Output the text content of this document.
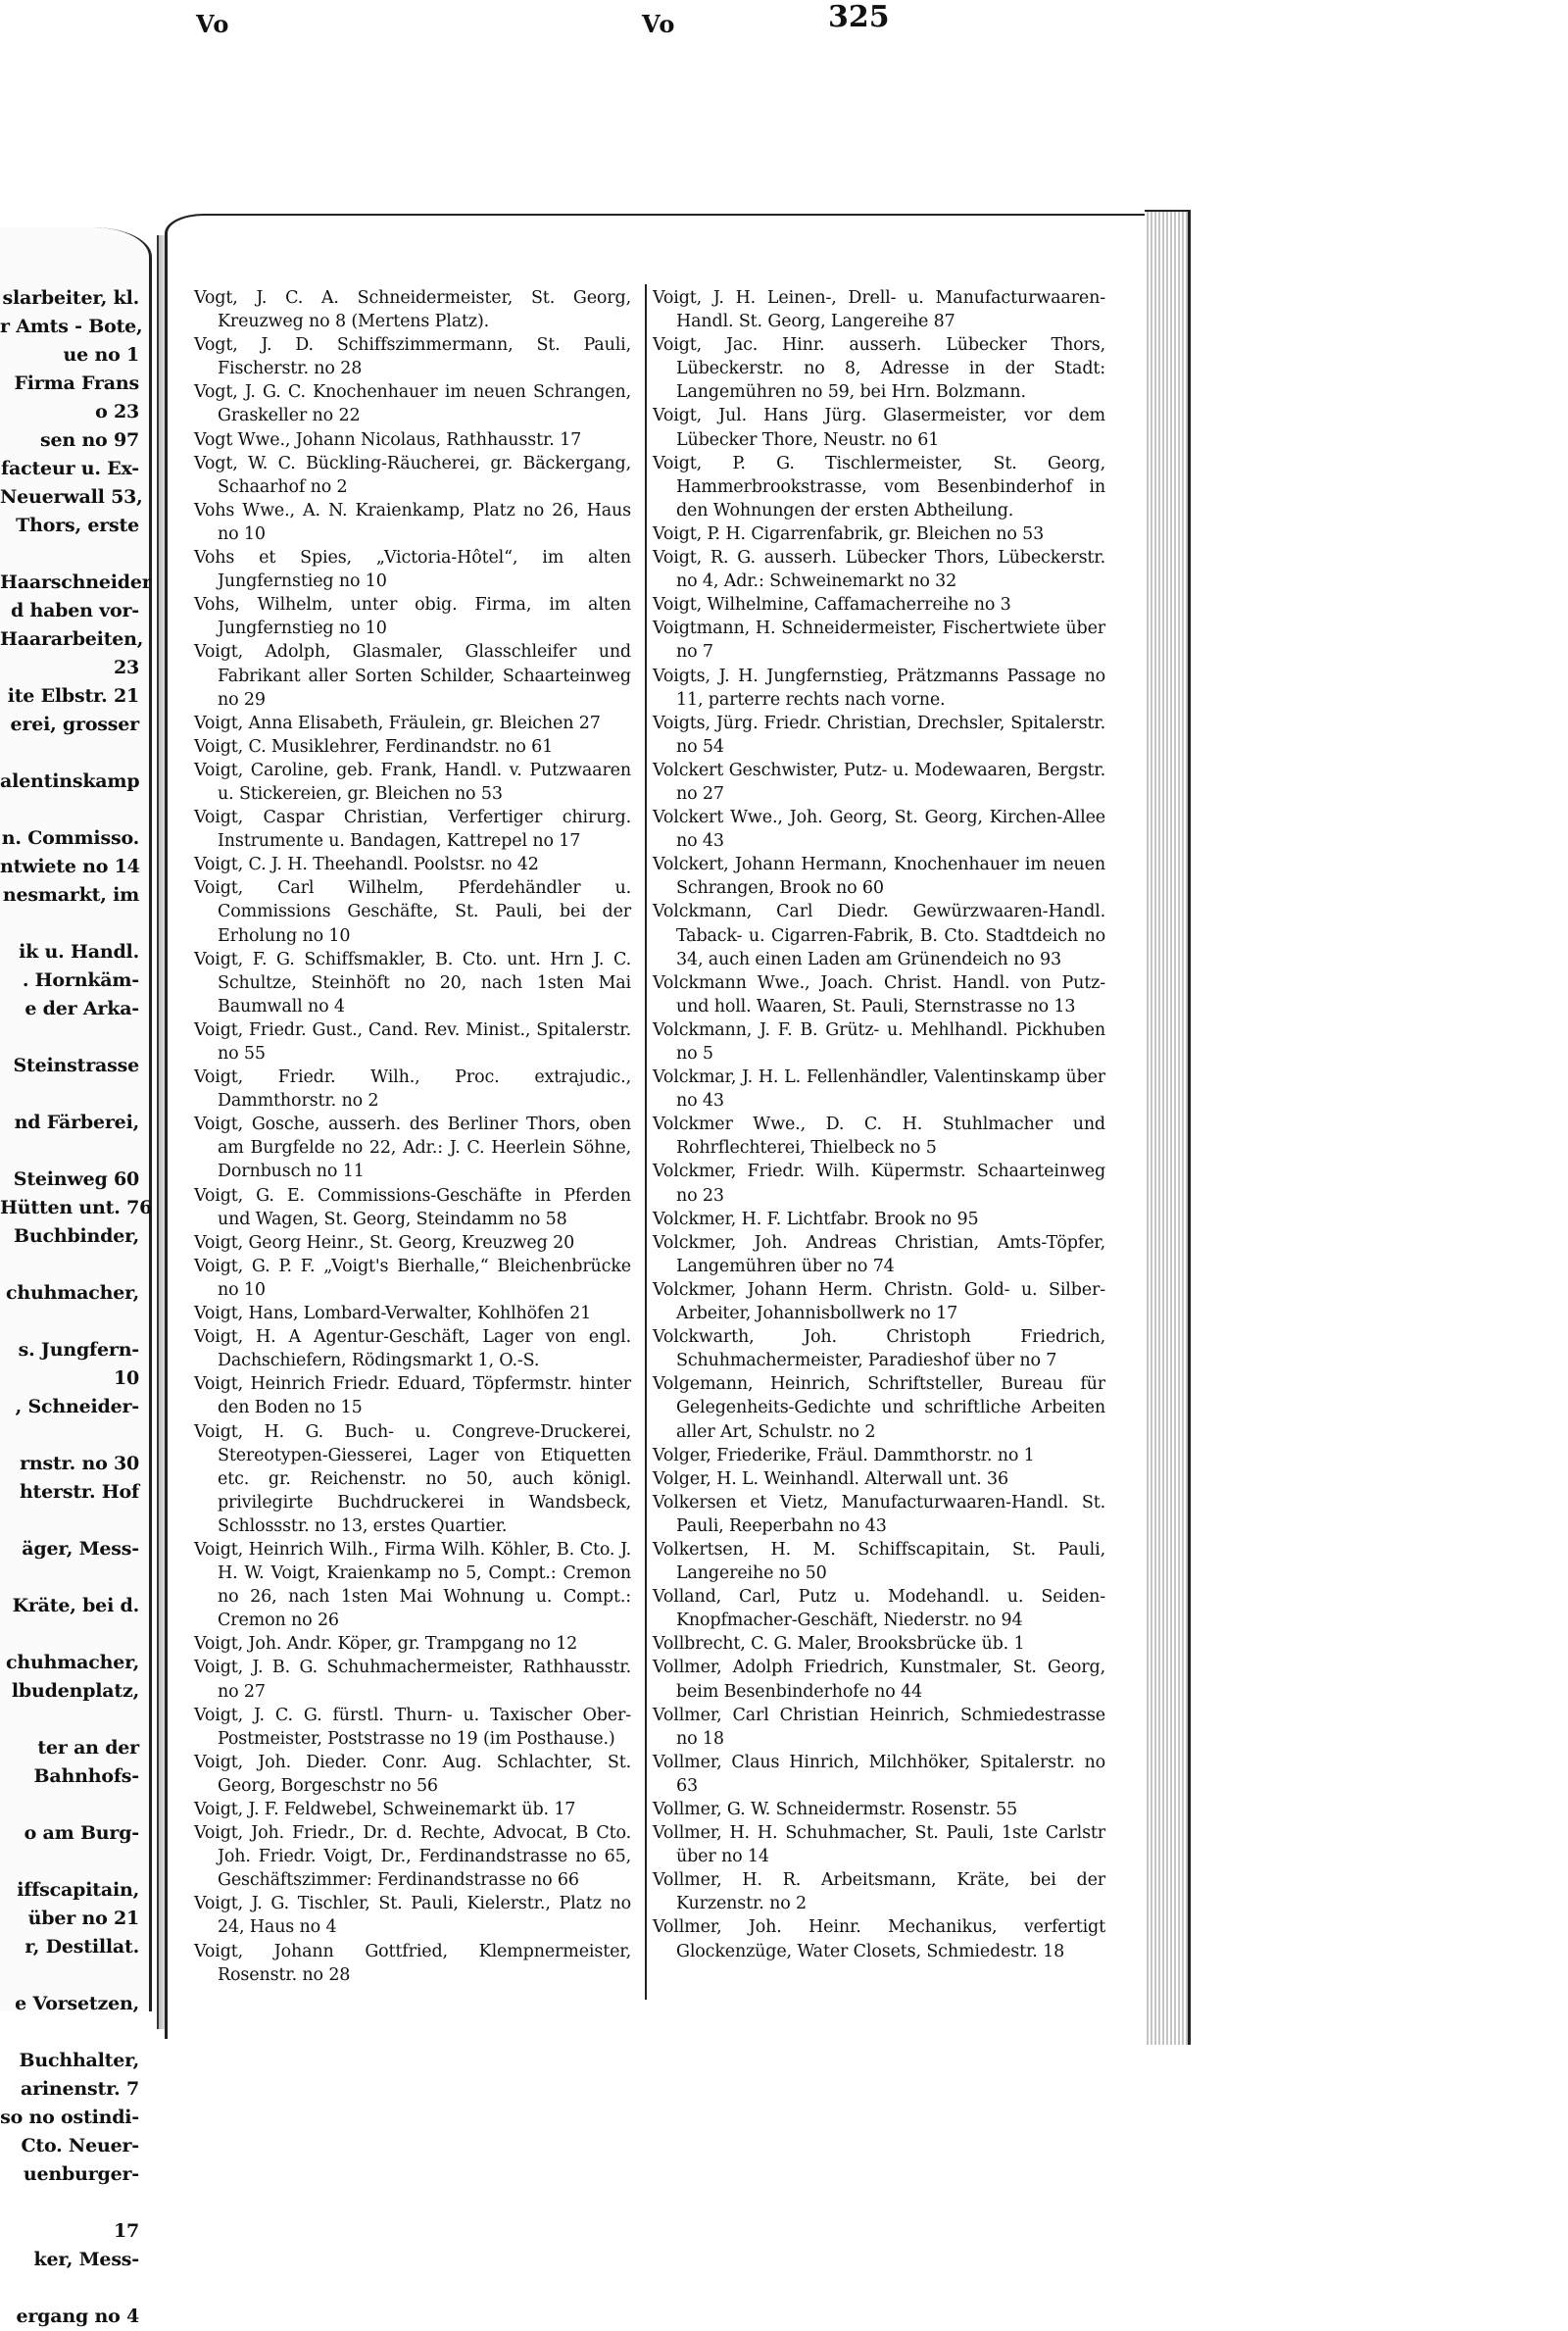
slarbeiter, kl.
r Amts - Bote,
ue no 1
Firma Frans
o 23
sen no 97
facteur u. Ex-
Neuerwall 53,
Thors, erste

Haarschneider
d haben vor-
Haararbeiten,
23
ite Elbstr. 21
erei, grosser

alentinskamp

n. Commisso.
ntwiete no 14
nesmarkt, im

ik u. Handl.
. Hornkäm-
e der Arka-

Steinstrasse

nd Färberei,

Steinweg 60
Hütten unt. 76
Buchbinder,

chuhmacher,

s. Jungfern-
10
, Schneider-

rnstr. no 30
hterstr. Hof

äger, Mess-

Kräte, bei d.

chuhmacher,
lbudenplatz,

ter an der
Bahnhofs-

o am Burg-

iffscapitain,
über no 21
r, Destillat.

e Vorsetzen,

Buchhalter,
arinenstr. 7
so no ostindi-
Cto. Neuer-
uenburger-

17
ker, Mess-

ergang no 4
Vo	Vo	325

Vogt, J. C. A. Schneidermeister, St. Georg, Kreuzweg no 8 (Mertens Platz).

Vogt, J. D. Schiffszimmermann, St. Pauli, Fischerstr. no 28

Vogt, J. G. C. Knochenhauer im neuen Schrangen, Graskeller no 22

Vogt Wwe., Johann Nicolaus, Rathhausstr. 17

Vogt, W. C. Bückling-Räucherei, gr. Bäckergang, Schaarhof no 2

Vohs Wwe., A. N. Kraienkamp, Platz no 26, Haus no 10

Vohs et Spies, „Victoria-Hôtel“, im alten Jungfernstieg no 10

Vohs, Wilhelm, unter obig. Firma, im alten Jungfernstieg no 10

Voigt, Adolph, Glasmaler, Glasschleifer und Fabrikant aller Sorten Schilder, Schaarteinweg no 29

Voigt, Anna Elisabeth, Fräulein, gr. Bleichen 27

Voigt, C. Musiklehrer, Ferdinandstr. no 61

Voigt, Caroline, geb. Frank, Handl. v. Putzwaaren u. Stickereien, gr. Bleichen no 53

Voigt, Caspar Christian, Verfertiger chirurg. Instrumente u. Bandagen, Kattrepel no 17

Voigt, C. J. H. Theehandl. Poolstsr. no 42

Voigt, Carl Wilhelm, Pferdehändler u. Commissions Geschäfte, St. Pauli, bei der Erholung no 10

Voigt, F. G. Schiffsmakler, B. Cto. unt. Hrn J. C. Schultze, Steinhöft no 20, nach 1sten Mai Baumwall no 4

Voigt, Friedr. Gust., Cand. Rev. Minist., Spitalerstr. no 55

Voigt, Friedr. Wilh., Proc. extrajudic., Dammthorstr. no 2

Voigt, Gosche, ausserh. des Berliner Thors, oben am Burgfelde no 22, Adr.: J. C. Heerlein Söhne, Dornbusch no 11

Voigt, G. E. Commissions-Geschäfte in Pferden und Wagen, St. Georg, Steindamm no 58

Voigt, Georg Heinr., St. Georg, Kreuzweg 20

Voigt, G. P. F. „Voigt's Bierhalle,“ Bleichenbrücke no 10

Voigt, Hans, Lombard-Verwalter, Kohlhöfen 21

Voigt, H. A Agentur-Geschäft, Lager von engl. Dachschiefern, Rödingsmarkt 1, O.-S.

Voigt, Heinrich Friedr. Eduard, Töpfermstr. hinter den Boden no 15

Voigt, H. G. Buch- u. Congreve-Druckerei, Stereotypen-Giesserei, Lager von Etiquetten etc. gr. Reichenstr. no 50, auch königl. privilegirte Buchdruckerei in Wandsbeck, Schlossstr. no 13, erstes Quartier.

Voigt, Heinrich Wilh., Firma Wilh. Köhler, B. Cto. J. H. W. Voigt, Kraienkamp no 5, Compt.: Cremon no 26, nach 1sten Mai Wohnung u. Compt.: Cremon no 26

Voigt, Joh. Andr. Köper, gr. Trampgang no 12

Voigt, J. B. G. Schuhmachermeister, Rathhausstr. no 27

Voigt, J. C. G. fürstl. Thurn- u. Taxischer Ober-Postmeister, Poststrasse no 19 (im Posthause.)

Voigt, Joh. Dieder. Conr. Aug. Schlachter, St. Georg, Borgeschstr no 56

Voigt, J. F. Feldwebel, Schweinemarkt üb. 17

Voigt, Joh. Friedr., Dr. d. Rechte, Advocat, B Cto. Joh. Friedr. Voigt, Dr., Ferdinandstrasse no 65, Geschäftszimmer: Ferdinandstrasse no 66

Voigt, J. G. Tischler, St. Pauli, Kielerstr., Platz no 24, Haus no 4

Voigt, Johann Gottfried, Klempnermeister, Rosenstr. no 28

Voigt, J. H. Leinen-, Drell- u. Manufacturwaaren-Handl. St. Georg, Langereihe 87

Voigt, Jac. Hinr. ausserh. Lübecker Thors, Lübeckerstr. no 8, Adresse in der Stadt: Langemühren no 59, bei Hrn. Bolzmann.

Voigt, Jul. Hans Jürg. Glasermeister, vor dem Lübecker Thore, Neustr. no 61

Voigt, P. G. Tischlermeister, St. Georg, Hammerbrookstrasse, vom Besenbinderhof in den Wohnungen der ersten Abtheilung.

Voigt, P. H. Cigarrenfabrik, gr. Bleichen no 53

Voigt, R. G. ausserh. Lübecker Thors, Lübeckerstr. no 4, Adr.: Schweinemarkt no 32

Voigt, Wilhelmine, Caffamacherreihe no 3

Voigtmann, H. Schneidermeister, Fischertwiete über no 7

Voigts, J. H. Jungfernstieg, Prätzmanns Passage no 11, parterre rechts nach vorne.

Voigts, Jürg. Friedr. Christian, Drechsler, Spitalerstr. no 54

Volckert Geschwister, Putz- u. Modewaaren, Bergstr. no 27

Volckert Wwe., Joh. Georg, St. Georg, Kirchen-Allee no 43

Volckert, Johann Hermann, Knochenhauer im neuen Schrangen, Brook no 60

Volckmann, Carl Diedr. Gewürzwaaren-Handl. Taback- u. Cigarren-Fabrik, B. Cto. Stadtdeich no 34, auch einen Laden am Grünendeich no 93

Volckmann Wwe., Joach. Christ. Handl. von Putz- und holl. Waaren, St. Pauli, Sternstrasse no 13

Volckmann, J. F. B. Grütz- u. Mehlhandl. Pickhuben no 5

Volckmar, J. H. L. Fellenhändler, Valentinskamp über no 43

Volckmer Wwe., D. C. H. Stuhlmacher und Rohrflechterei, Thielbeck no 5

Volckmer, Friedr. Wilh. Küpermstr. Schaarteinweg no 23

Volckmer, H. F. Lichtfabr. Brook no 95

Volckmer, Joh. Andreas Christian, Amts-Töpfer, Langemühren über no 74

Volckmer, Johann Herm. Christn. Gold- u. Silber-Arbeiter, Johannisbollwerk no 17

Volckwarth, Joh. Christoph Friedrich, Schuhmachermeister, Paradieshof über no 7

Volgemann, Heinrich, Schriftsteller, Bureau für Gelegenheits-Gedichte und schriftliche Arbeiten aller Art, Schulstr. no 2

Volger, Friederike, Fräul. Dammthorstr. no 1

Volger, H. L. Weinhandl. Alterwall unt. 36

Volkersen et Vietz, Manufacturwaaren-Handl. St. Pauli, Reeperbahn no 43

Volkertsen, H. M. Schiffscapitain, St. Pauli, Langereihe no 50

Volland, Carl, Putz u. Modehandl. u. Seiden-Knopfmacher-Geschäft, Niederstr. no 94

Vollbrecht, C. G. Maler, Brooksbrücke üb. 1

Vollmer, Adolph Friedrich, Kunstmaler, St. Georg, beim Besenbinderhofe no 44

Vollmer, Carl Christian Heinrich, Schmiedestrasse no 18

Vollmer, Claus Hinrich, Milchhöker, Spitalerstr. no 63

Vollmer, G. W. Schneidermstr. Rosenstr. 55

Vollmer, H. H. Schuhmacher, St. Pauli, 1ste Carlstr über no 14

Vollmer, H. R. Arbeitsmann, Kräte, bei der Kurzenstr. no 2

Vollmer, Joh. Heinr. Mechanikus, verfertigt Glockenzüge, Water Closets, Schmiedestr. 18
